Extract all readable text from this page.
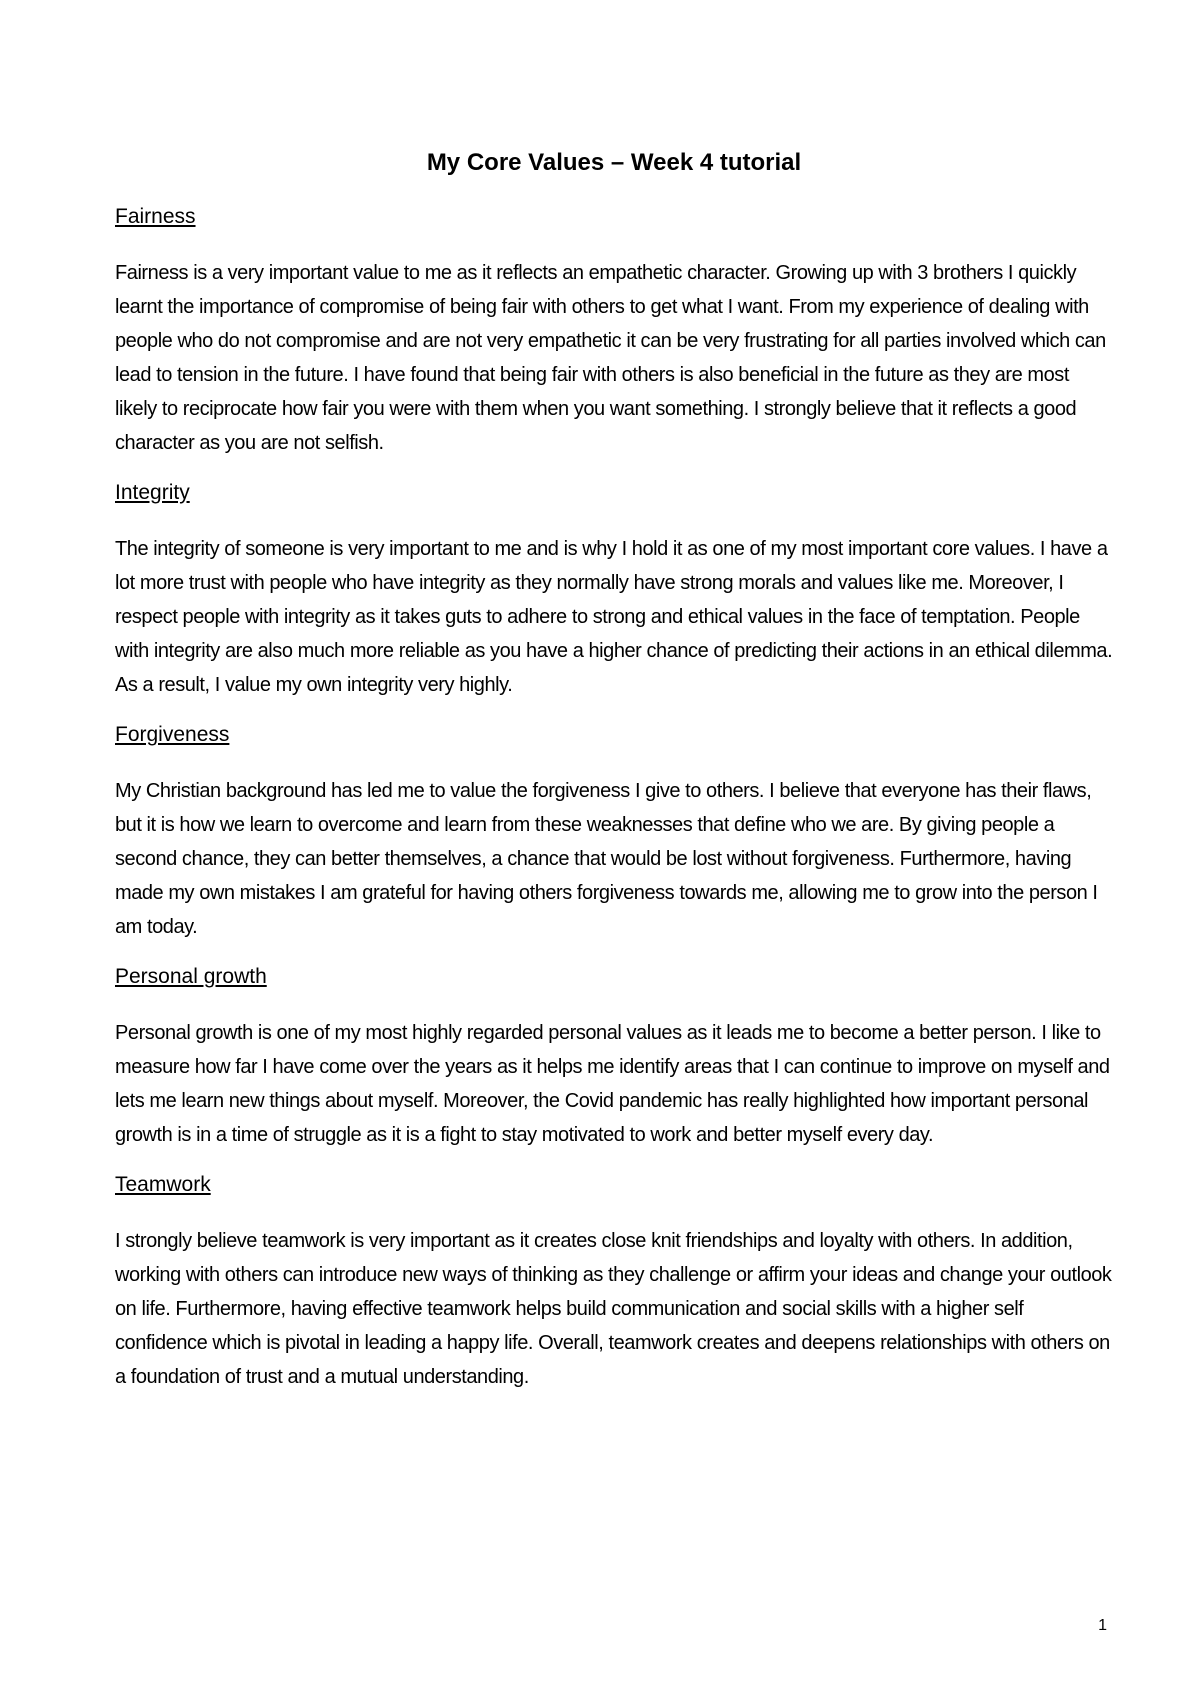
My Core Values – Week 4 tutorial
Fairness
Fairness is a very important value to me as it reflects an empathetic character. Growing up with 3 brothers I quickly learnt the importance of compromise of being fair with others to get what I want. From my experience of dealing with people who do not compromise and are not very empathetic it can be very frustrating for all parties involved which can lead to tension in the future. I have found that being fair with others is also beneficial in the future as they are most likely to reciprocate how fair you were with them when you want something. I strongly believe that it reflects a good character as you are not selfish.
Integrity
The integrity of someone is very important to me and is why I hold it as one of my most important core values. I have a lot more trust with people who have integrity as they normally have strong morals and values like me. Moreover, I respect people with integrity as it takes guts to adhere to strong and ethical values in the face of temptation. People with integrity are also much more reliable as you have a higher chance of predicting their actions in an ethical dilemma. As a result, I value my own integrity very highly.
Forgiveness
My Christian background has led me to value the forgiveness I give to others. I believe that everyone has their flaws, but it is how we learn to overcome and learn from these weaknesses that define who we are. By giving people a second chance, they can better themselves, a chance that would be lost without forgiveness. Furthermore, having made my own mistakes I am grateful for having others forgiveness towards me, allowing me to grow into the person I am today.
Personal growth
Personal growth is one of my most highly regarded personal values as it leads me to become a better person. I like to measure how far I have come over the years as it helps me identify areas that I can continue to improve on myself and lets me learn new things about myself. Moreover, the Covid pandemic has really highlighted how important personal growth is in a time of struggle as it is a fight to stay motivated to work and better myself every day.
Teamwork
I strongly believe teamwork is very important as it creates close knit friendships and loyalty with others. In addition, working with others can introduce new ways of thinking as they challenge or affirm your ideas and change your outlook on life. Furthermore, having effective teamwork helps build communication and social skills with a higher self confidence which is pivotal in leading a happy life. Overall, teamwork creates and deepens relationships with others on a foundation of trust and a mutual understanding.
1
